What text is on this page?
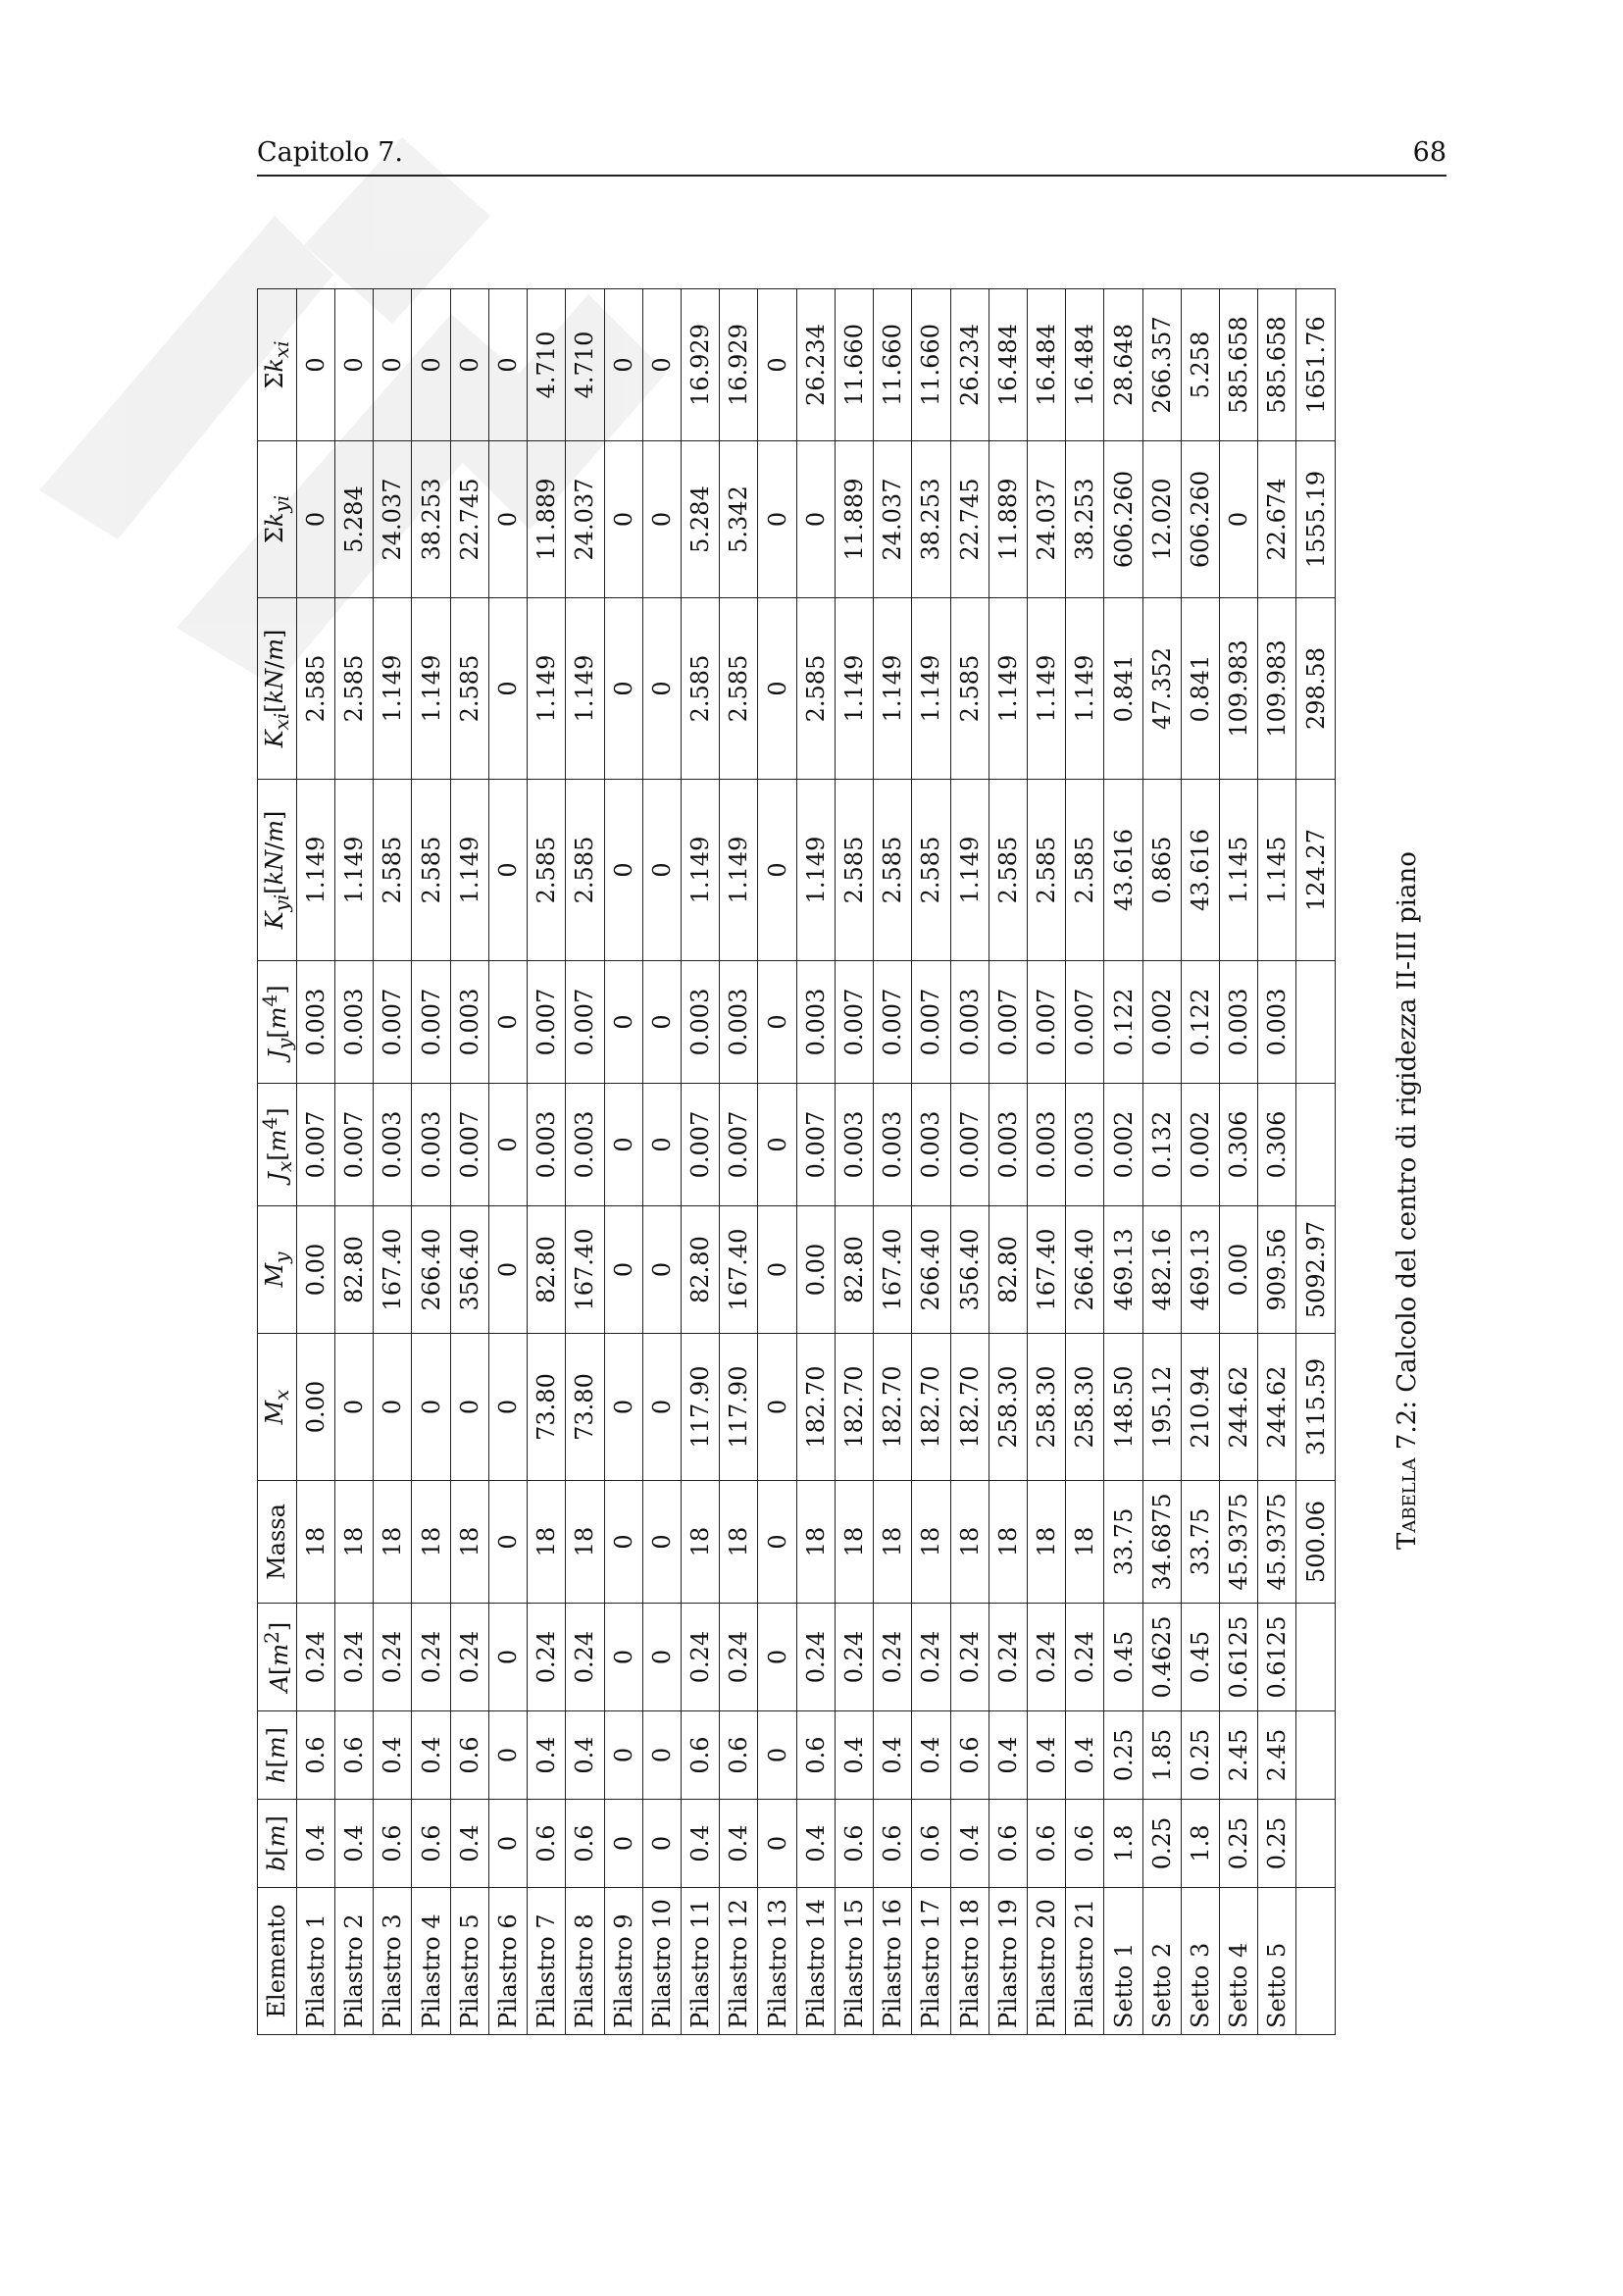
Capitolo 7.	68
Elemento	b[m]	h[m]	$A[m^2]$	Massa	$M_x$	$M_y$	$J_x[m^4]$	$J_y[m^4]$	$K_{yi}[kN/m]$	$K_{xi}[kN/m]$	$\Sigma k_{yi}$	$\Sigma k_{xi}$
Pilastro 1	0.4	0.6	0.24	18	0.00	0.00	0.007	0.003	1.149	2.585	0	0
Pilastro 2	0.4	0.6	0.24	18	0	82.80	0.007	0.003	1.149	2.585	5.284	0
Pilastro 3	0.6	0.4	0.24	18	0	167.40	0.003	0.007	2.585	1.149	24.037	0
Pilastro 4	0.6	0.4	0.24	18	0	266.40	0.003	0.007	2.585	1.149	38.253	0
Pilastro 5	0.4	0.6	0.24	18	0	356.40	0.007	0.003	1.149	2.585	22.745	0
Pilastro 6	0	0	0	0	0	0	0	0	0	0	0	0
Pilastro 7	0.6	0.4	0.24	18	73.80	82.80	0.003	0.007	2.585	1.149	11.889	4.710
Pilastro 8	0.6	0.4	0.24	18	73.80	167.40	0.003	0.007	2.585	1.149	24.037	4.710
Pilastro 9	0	0	0	0	0	0	0	0	0	0	0	0
Pilastro 10	0	0	0	0	0	0	0	0	0	0	0	0
Pilastro 11	0.4	0.6	0.24	18	117.90	82.80	0.007	0.003	1.149	2.585	5.284	16.929
Pilastro 12	0.4	0.6	0.24	18	117.90	167.40	0.007	0.003	1.149	2.585	5.342	16.929
Pilastro 13	0	0	0	0	0	0	0	0	0	0	0	0
Pilastro 14	0.4	0.6	0.24	18	182.70	0.00	0.007	0.003	1.149	2.585	0	26.234
Pilastro 15	0.6	0.4	0.24	18	182.70	82.80	0.003	0.007	2.585	1.149	11.889	11.660
Pilastro 16	0.6	0.4	0.24	18	182.70	167.40	0.003	0.007	2.585	1.149	24.037	11.660
Pilastro 17	0.6	0.4	0.24	18	182.70	266.40	0.003	0.007	2.585	1.149	38.253	11.660
Pilastro 18	0.4	0.6	0.24	18	182.70	356.40	0.007	0.003	1.149	2.585	22.745	26.234
Pilastro 19	0.6	0.4	0.24	18	258.30	82.80	0.003	0.007	2.585	1.149	11.889	16.484
Pilastro 20	0.6	0.4	0.24	18	258.30	167.40	0.003	0.007	2.585	1.149	24.037	16.484
Pilastro 21	0.6	0.4	0.24	18	258.30	266.40	0.003	0.007	2.585	1.149	38.253	16.484
Setto 1	1.8	0.25	0.45	33.75	148.50	469.13	0.002	0.122	43.616	0.841	606.260	28.648
Setto 2	0.25	1.85	0.4625	34.6875	195.12	482.16	0.132	0.002	0.865	47.352	12.020	266.357
Setto 3	1.8	0.25	0.45	33.75	210.94	469.13	0.002	0.122	43.616	0.841	606.260	5.258
Setto 4	0.25	2.45	0.6125	45.9375	244.62	0.00	0.306	0.003	1.145	109.983	0	585.658
Setto 5	0.25	2.45	0.6125	45.9375	244.62	909.56	0.306	0.003	1.145	109.983	22.674	585.658
				500.06	3115.59	5092.97			124.27	298.58	1555.19	1651.76
Tabella 7.2: Calcolo del centro di rigidezza II-III piano
